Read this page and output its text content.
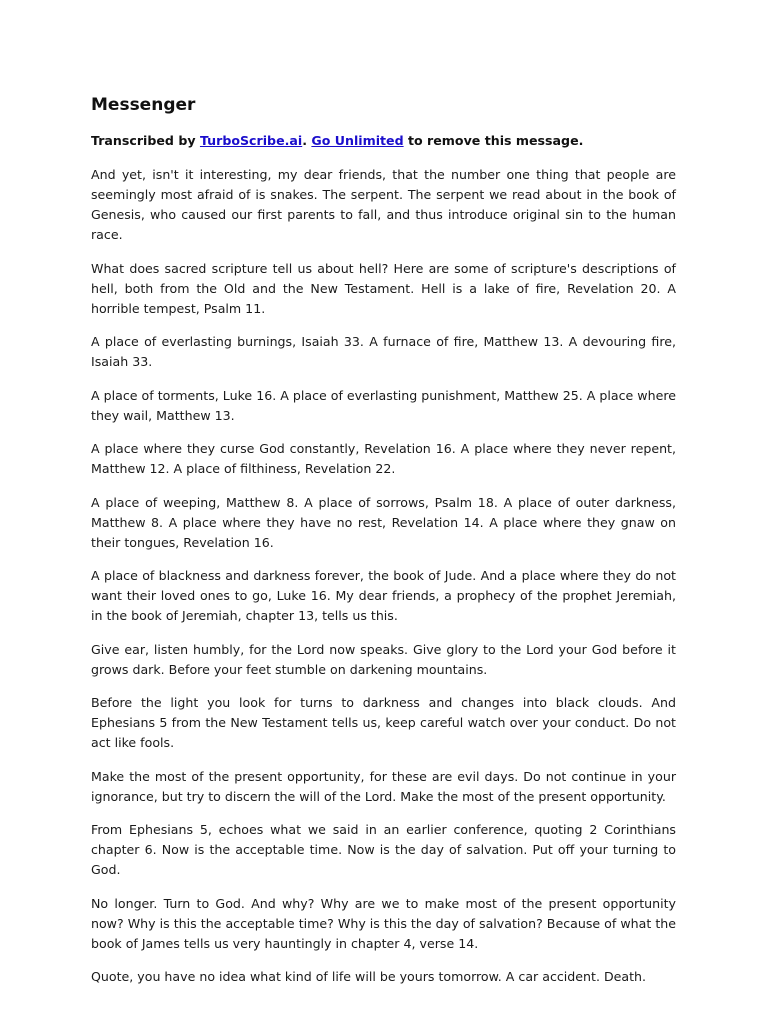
Messenger

Transcribed by TurboScribe.ai. Go Unlimited to remove this message.

And yet, isn't it interesting, my dear friends, that the number one thing that people are seemingly most afraid of is snakes. The serpent. The serpent we read about in the book of Genesis, who caused our first parents to fall, and thus introduce original sin to the human race.

What does sacred scripture tell us about hell? Here are some of scripture's descriptions of hell, both from the Old and the New Testament. Hell is a lake of fire, Revelation 20. A horrible tempest, Psalm 11.

A place of everlasting burnings, Isaiah 33. A furnace of fire, Matthew 13. A devouring fire, Isaiah 33.

A place of torments, Luke 16. A place of everlasting punishment, Matthew 25. A place where they wail, Matthew 13.

A place where they curse God constantly, Revelation 16. A place where they never repent, Matthew 12. A place of filthiness, Revelation 22.

A place of weeping, Matthew 8. A place of sorrows, Psalm 18. A place of outer darkness, Matthew 8. A place where they have no rest, Revelation 14. A place where they gnaw on their tongues, Revelation 16.

A place of blackness and darkness forever, the book of Jude. And a place where they do not want their loved ones to go, Luke 16. My dear friends, a prophecy of the prophet Jeremiah, in the book of Jeremiah, chapter 13, tells us this.

Give ear, listen humbly, for the Lord now speaks. Give glory to the Lord your God before it grows dark. Before your feet stumble on darkening mountains.

Before the light you look for turns to darkness and changes into black clouds. And Ephesians 5 from the New Testament tells us, keep careful watch over your conduct. Do not act like fools.

Make the most of the present opportunity, for these are evil days. Do not continue in your ignorance, but try to discern the will of the Lord. Make the most of the present opportunity.

From Ephesians 5, echoes what we said in an earlier conference, quoting 2 Corinthians chapter 6. Now is the acceptable time. Now is the day of salvation. Put off your turning to God.

No longer. Turn to God. And why? Why are we to make most of the present opportunity now? Why is this the acceptable time? Why is this the day of salvation? Because of what the book of James tells us very hauntingly in chapter 4, verse 14.

Quote, you have no idea what kind of life will be yours tomorrow. A car accident. Death.
